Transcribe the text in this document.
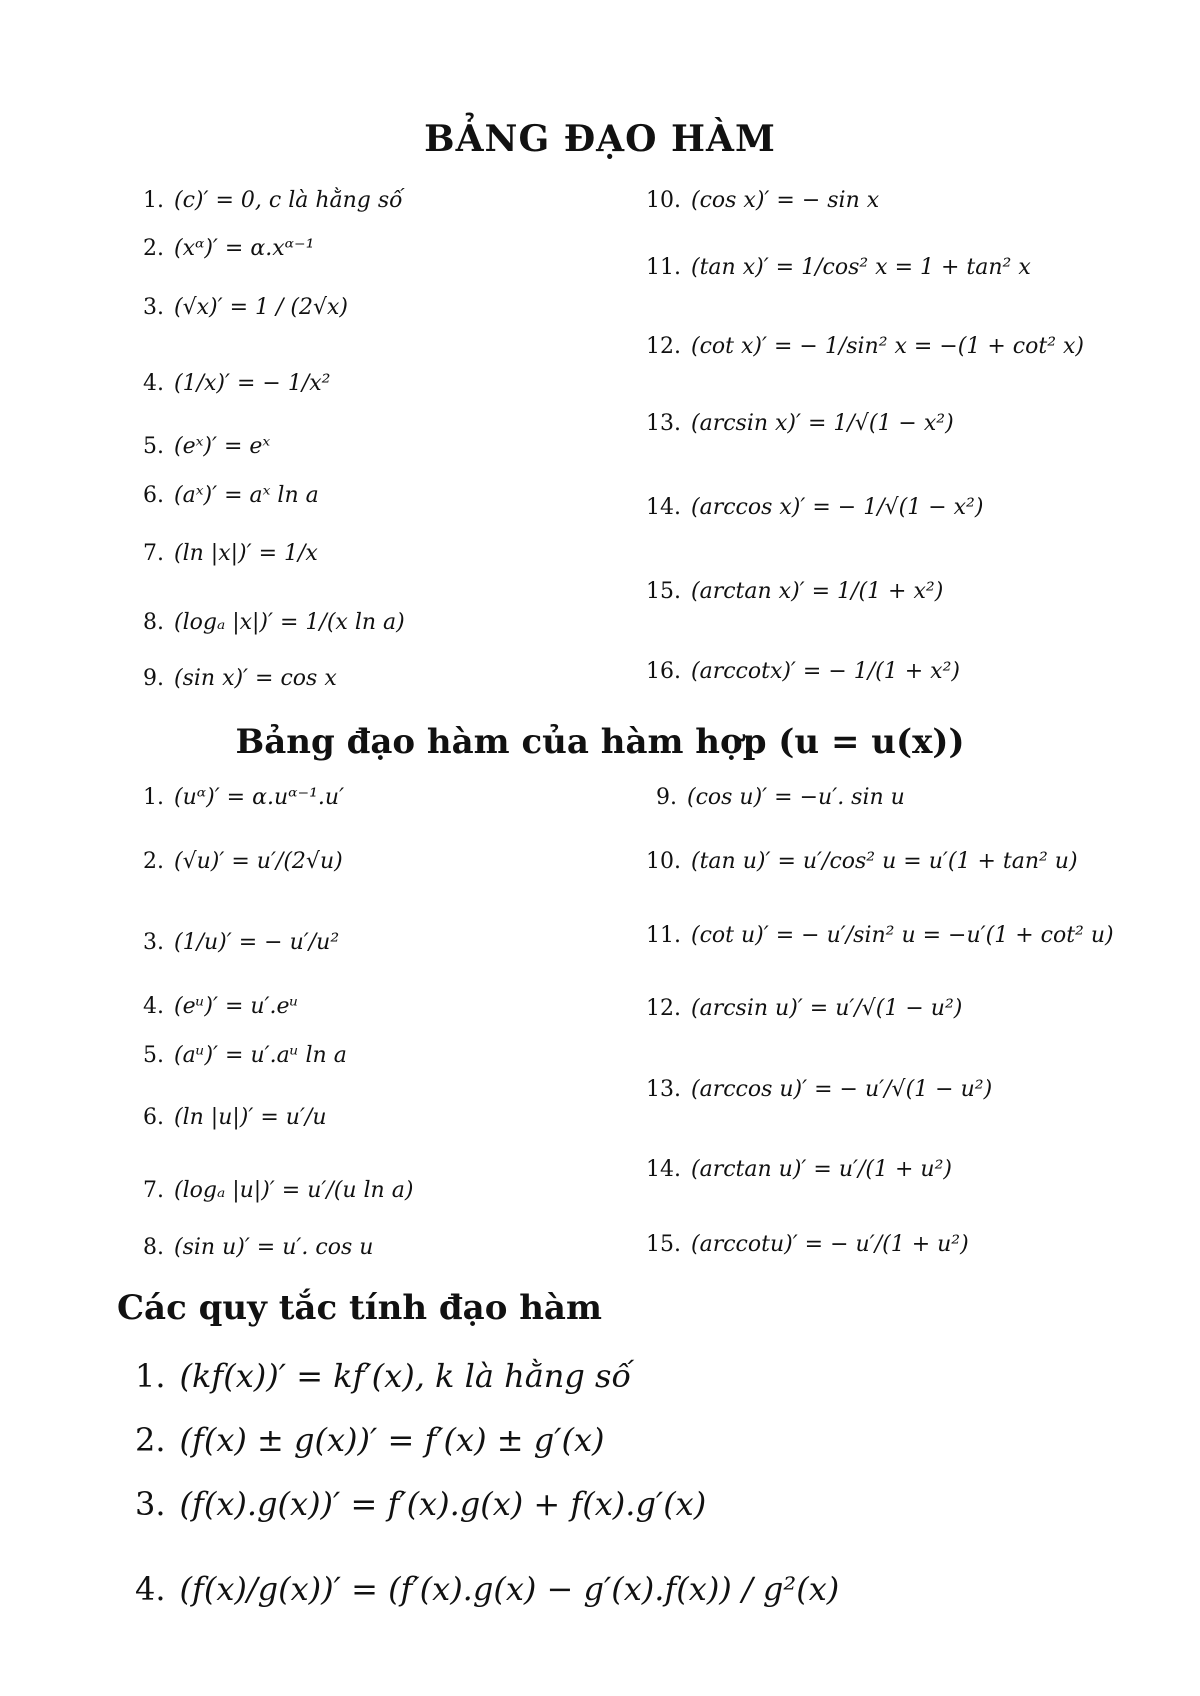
BẢNG ĐẠO HÀM
1. (c)′ = 0, c là hằng số
2. (xᵅ)′ = α.xᵅ⁻¹
3. (√x)′ = 1 / (2√x)
4. (1/x)′ = − 1/x²
5. (eˣ)′ = eˣ
6. (aˣ)′ = aˣ ln a
7. (ln |x|)′ = 1/x
8. (logₐ |x|)′ = 1/(x ln a)
9. (sin x)′ = cos x
10. (cos x)′ = − sin x
11. (tan x)′ = 1/cos² x = 1 + tan² x
12. (cot x)′ = − 1/sin² x = −(1 + cot² x)
13. (arcsin x)′ = 1/√(1 − x²)
14. (arccos x)′ = − 1/√(1 − x²)
15. (arctan x)′ = 1/(1 + x²)
16. (arccotx)′ = − 1/(1 + x²)
Bảng đạo hàm của hàm hợp (u = u(x))
1. (uᵅ)′ = α.uᵅ⁻¹.u′
2. (√u)′ = u′/(2√u)
3. (1/u)′ = − u′/u²
4. (eᵘ)′ = u′.eᵘ
5. (aᵘ)′ = u′.aᵘ ln a
6. (ln |u|)′ = u′/u
7. (logₐ |u|)′ = u′/(u ln a)
8. (sin u)′ = u′. cos u
9. (cos u)′ = −u′. sin u
10. (tan u)′ = u′/cos² u = u′(1 + tan² u)
11. (cot u)′ = − u′/sin² u = −u′(1 + cot² u)
12. (arcsin u)′ = u′/√(1 − u²)
13. (arccos u)′ = − u′/√(1 − u²)
14. (arctan u)′ = u′/(1 + u²)
15. (arccotu)′ = − u′/(1 + u²)
Các quy tắc tính đạo hàm
1. (kf(x))′ = kf′(x), k là hằng số
2. (f(x) ± g(x))′ = f′(x) ± g′(x)
3. (f(x).g(x))′ = f′(x).g(x) + f(x).g′(x)
4. (f(x)/g(x))′ = (f′(x).g(x) − g′(x).f(x)) / g²(x)
